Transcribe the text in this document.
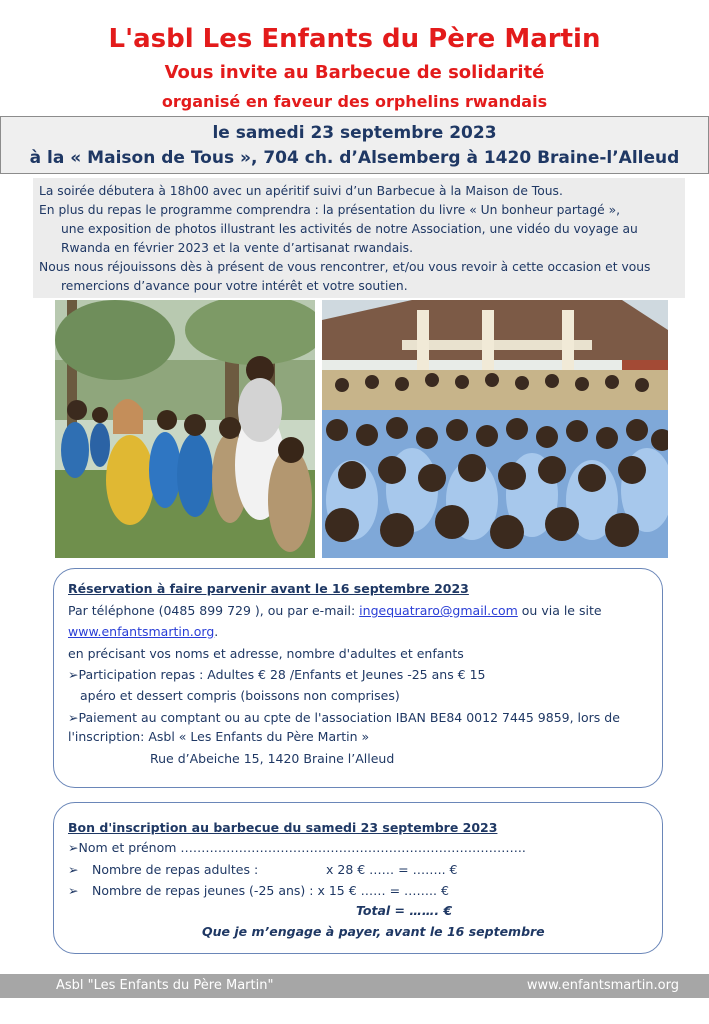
L'asbl Les Enfants du Père Martin
Vous invite au Barbecue de solidarité
organisé en faveur des orphelins rwandais
le samedi 23 septembre 2023
à la « Maison de Tous », 704 ch. d’Alsemberg à 1420 Braine-l’Alleud

La soirée débutera à 18h00 avec un apéritif suivi d’un Barbecue à la Maison de Tous.

En plus du repas le programme comprendra : la présentation du livre « Un bonheur partagé »,

une exposition de photos illustrant les activités de notre Association, une vidéo du voyage au

Rwanda en février 2023 et la vente d’artisanat rwandais.

Nous nous réjouissons dès à présent de vous rencontrer, et/ou vous revoir à cette occasion et vous

remercions d’avance pour votre intérêt et votre soutien.

Réservation à faire parvenir avant le 16 septembre 2023
Par téléphone (0485 899 729 ), ou par e-mail: ingequatraro@gmail.com ou via le site
www.enfantsmartin.org.
en précisant vos noms et adresse, nombre d'adultes et enfants
➢Participation repas : Adultes € 28 /Enfants et Jeunes -25 ans € 15
apéro et dessert compris (boissons non comprises)
➢Paiement au comptant ou au cpte de l'association IBAN BE84 0012 7445 9859, lors de
l'inscription: Asbl « Les Enfants du Père Martin »
Rue d’Abeiche 15, 1420 Braine l’Alleud
Bon d'inscription au barbecue du samedi 23 septembre 2023
➢Nom et prénom ………………………………………………………………………..
➢ Nombre de repas adultes :	x 28 € …… = …….. €
➢ Nombre de repas jeunes (-25 ans) : x 15 € …… = …….. €
Total = ……. €
Que je m’engage à payer, avant le 16 septembre
Asbl "Les Enfants du Père Martin"	www.enfantsmartin.org
